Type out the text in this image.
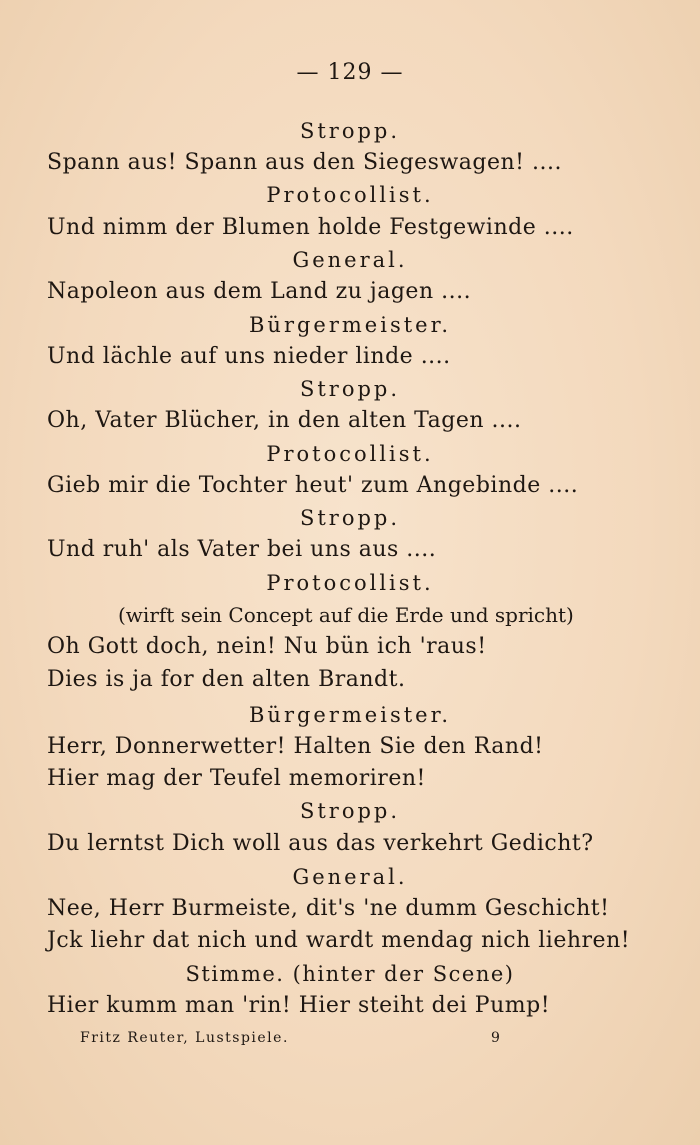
— 129 —
Stropp.
Spann aus! Spann aus den Siegeswagen! ....
Protocollist.
Und nimm der Blumen holde Festgewinde ....
General.
Napoleon aus dem Land zu jagen ....
Bürgermeister.
Und lächle auf uns nieder linde ....
Stropp.
Oh, Vater Blücher, in den alten Tagen ....
Protocollist.
Gieb mir die Tochter heut' zum Angebinde ....
Stropp.
Und ruh' als Vater bei uns aus ....
Protocollist.
(wirft sein Concept auf die Erde und spricht)
Oh Gott doch, nein! Nu bün ich 'raus!
Dies is ja for den alten Brandt.
Bürgermeister.
Herr, Donnerwetter! Halten Sie den Rand!
Hier mag der Teufel memoriren!
Stropp.
Du lerntst Dich woll aus das verkehrt Gedicht?
General.
Nee, Herr Burmeiste, dit's 'ne dumm Geschicht!
Jck liehr dat nich und wardt mendag nich liehren!
Stimme. (hinter der Scene)
Hier kumm man 'rin! Hier steiht dei Pump!
Fritz Reuter, Lustspiele.	9
